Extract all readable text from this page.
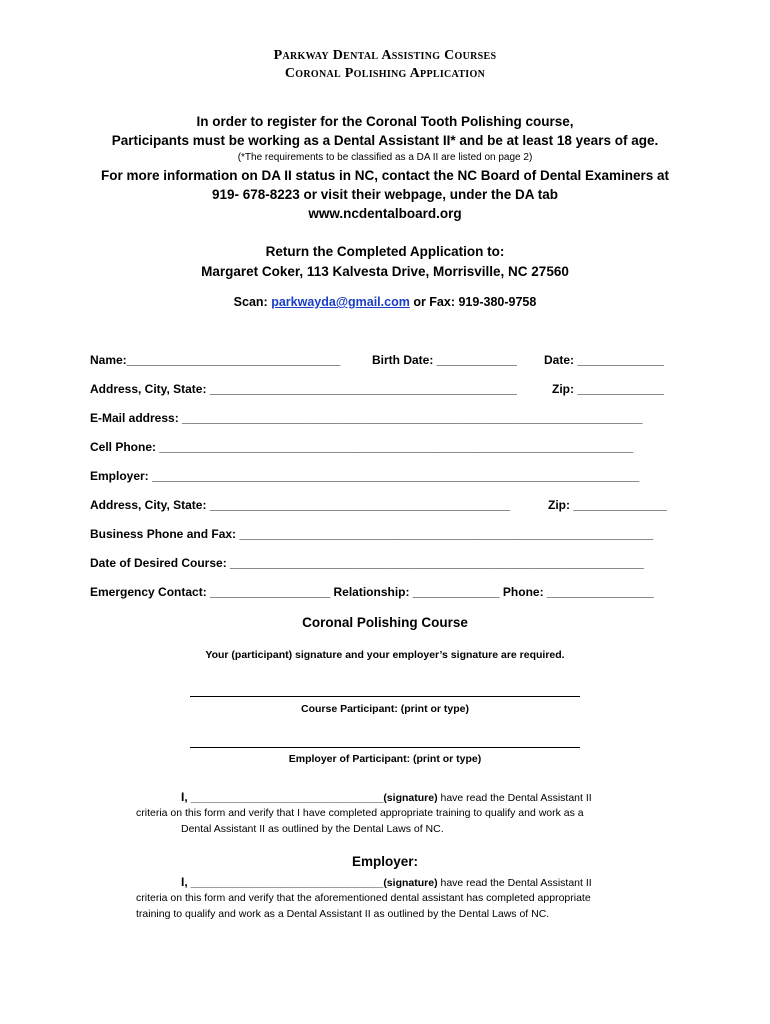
Parkway Dental Assisting Courses
Coronal Polishing Application
In order to register for the Coronal Tooth Polishing course,
Participants must be working as a Dental Assistant II* and be at least 18 years of age.
(*The requirements to be classified as a DA II are listed on page 2)
For more information on DA II status in NC, contact the NC Board of Dental Examiners at
919- 678-8223 or visit their webpage, under the DA tab
www.ncdentalboard.org
Return the Completed Application to:
Margaret Coker, 113 Kalvesta Drive, Morrisville, NC 27560
Scan: parkwayda@gmail.com or Fax: 919-380-9758
Name:________________________________	Birth Date: ____________ Date: _____________
Address, City, State: ______________________________________________	Zip: _____________
E-Mail address: _____________________________________________________________________
Cell Phone: _______________________________________________________________________
Employer: _________________________________________________________________________
Address, City, State: _____________________________________________	Zip: ______________
Business Phone and Fax: ______________________________________________________________
Date of Desired Course: ______________________________________________________________
Emergency Contact: __________________ Relationship: _____________ Phone: ________________
Coronal Polishing Course
Your (participant) signature and your employer’s signature are required.
Course Participant: (print or type)
Employer of Participant: (print or type)
I, _________________________________(signature) have read the Dental Assistant II
criteria on this form and verify that I have completed appropriate training to qualify and work as a
Dental Assistant II as outlined by the Dental Laws of NC.
Employer:
I, _________________________________(signature) have read the Dental Assistant II
criteria on this form and verify that the aforementioned dental assistant has completed appropriate
training to qualify and work as a Dental Assistant II as outlined by the Dental Laws of NC.
